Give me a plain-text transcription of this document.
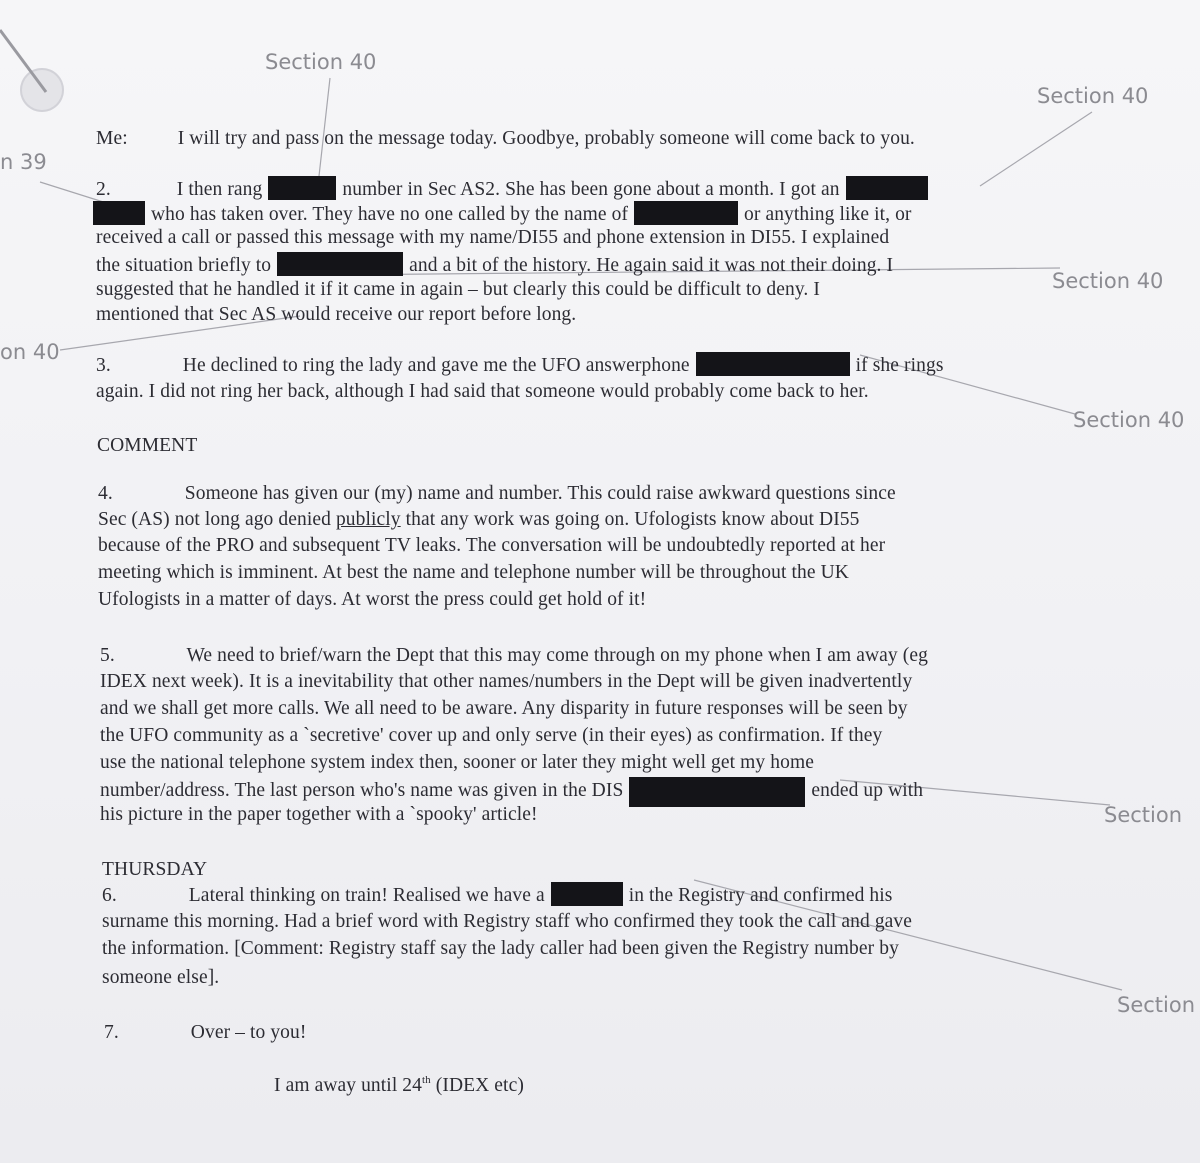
Section 40
Section 40
n 39
Section 40
on 40
Section 40
Section
Section
Me:	I will try and pass on the message today. Goodbye, probably someone will come back to you.
2.	I then rang	number in Sec AS2. She has been gone about a month. I got an
who has taken over. They have no one called by the name of	or anything like it, or
received a call or passed this message with my name/DI55 and phone extension in DI55. I explained
the situation briefly to	and a bit of the history. He again said it was not their doing. I
suggested that he handled it if it came in again – but clearly this could be difficult to deny. I
mentioned that Sec AS would receive our report before long.
3.	He declined to ring the lady and gave me the UFO answerphone	if she rings
again. I did not ring her back, although I had said that someone would probably come back to her.
COMMENT
4.	Someone has given our (my) name and number. This could raise awkward questions since
Sec (AS) not long ago denied publicly that any work was going on. Ufologists know about DI55
because of the PRO and subsequent TV leaks. The conversation will be undoubtedly reported at her
meeting which is imminent. At best the name and telephone number will be throughout the UK
Ufologists in a matter of days. At worst the press could get hold of it!
5.	We need to brief/warn the Dept that this may come through on my phone when I am away (eg
IDEX next week). It is a inevitability that other names/numbers in the Dept will be given inadvertently
and we shall get more calls. We all need to be aware. Any disparity in future responses will be seen by
the UFO community as a `secretive' cover up and only serve (in their eyes) as confirmation. If they
use the national telephone system index then, sooner or later they might well get my home
number/address. The last person who's name was given in the DIS	ended up with
his picture in the paper together with a `spooky' article!
THURSDAY
6.	Lateral thinking on train! Realised we have a	in the Registry and confirmed his
surname this morning. Had a brief word with Registry staff who confirmed they took the call and gave
the information. [Comment: Registry staff say the lady caller had been given the Registry number by
someone else].
7.	Over – to you!
I am away until 24th (IDEX etc)
